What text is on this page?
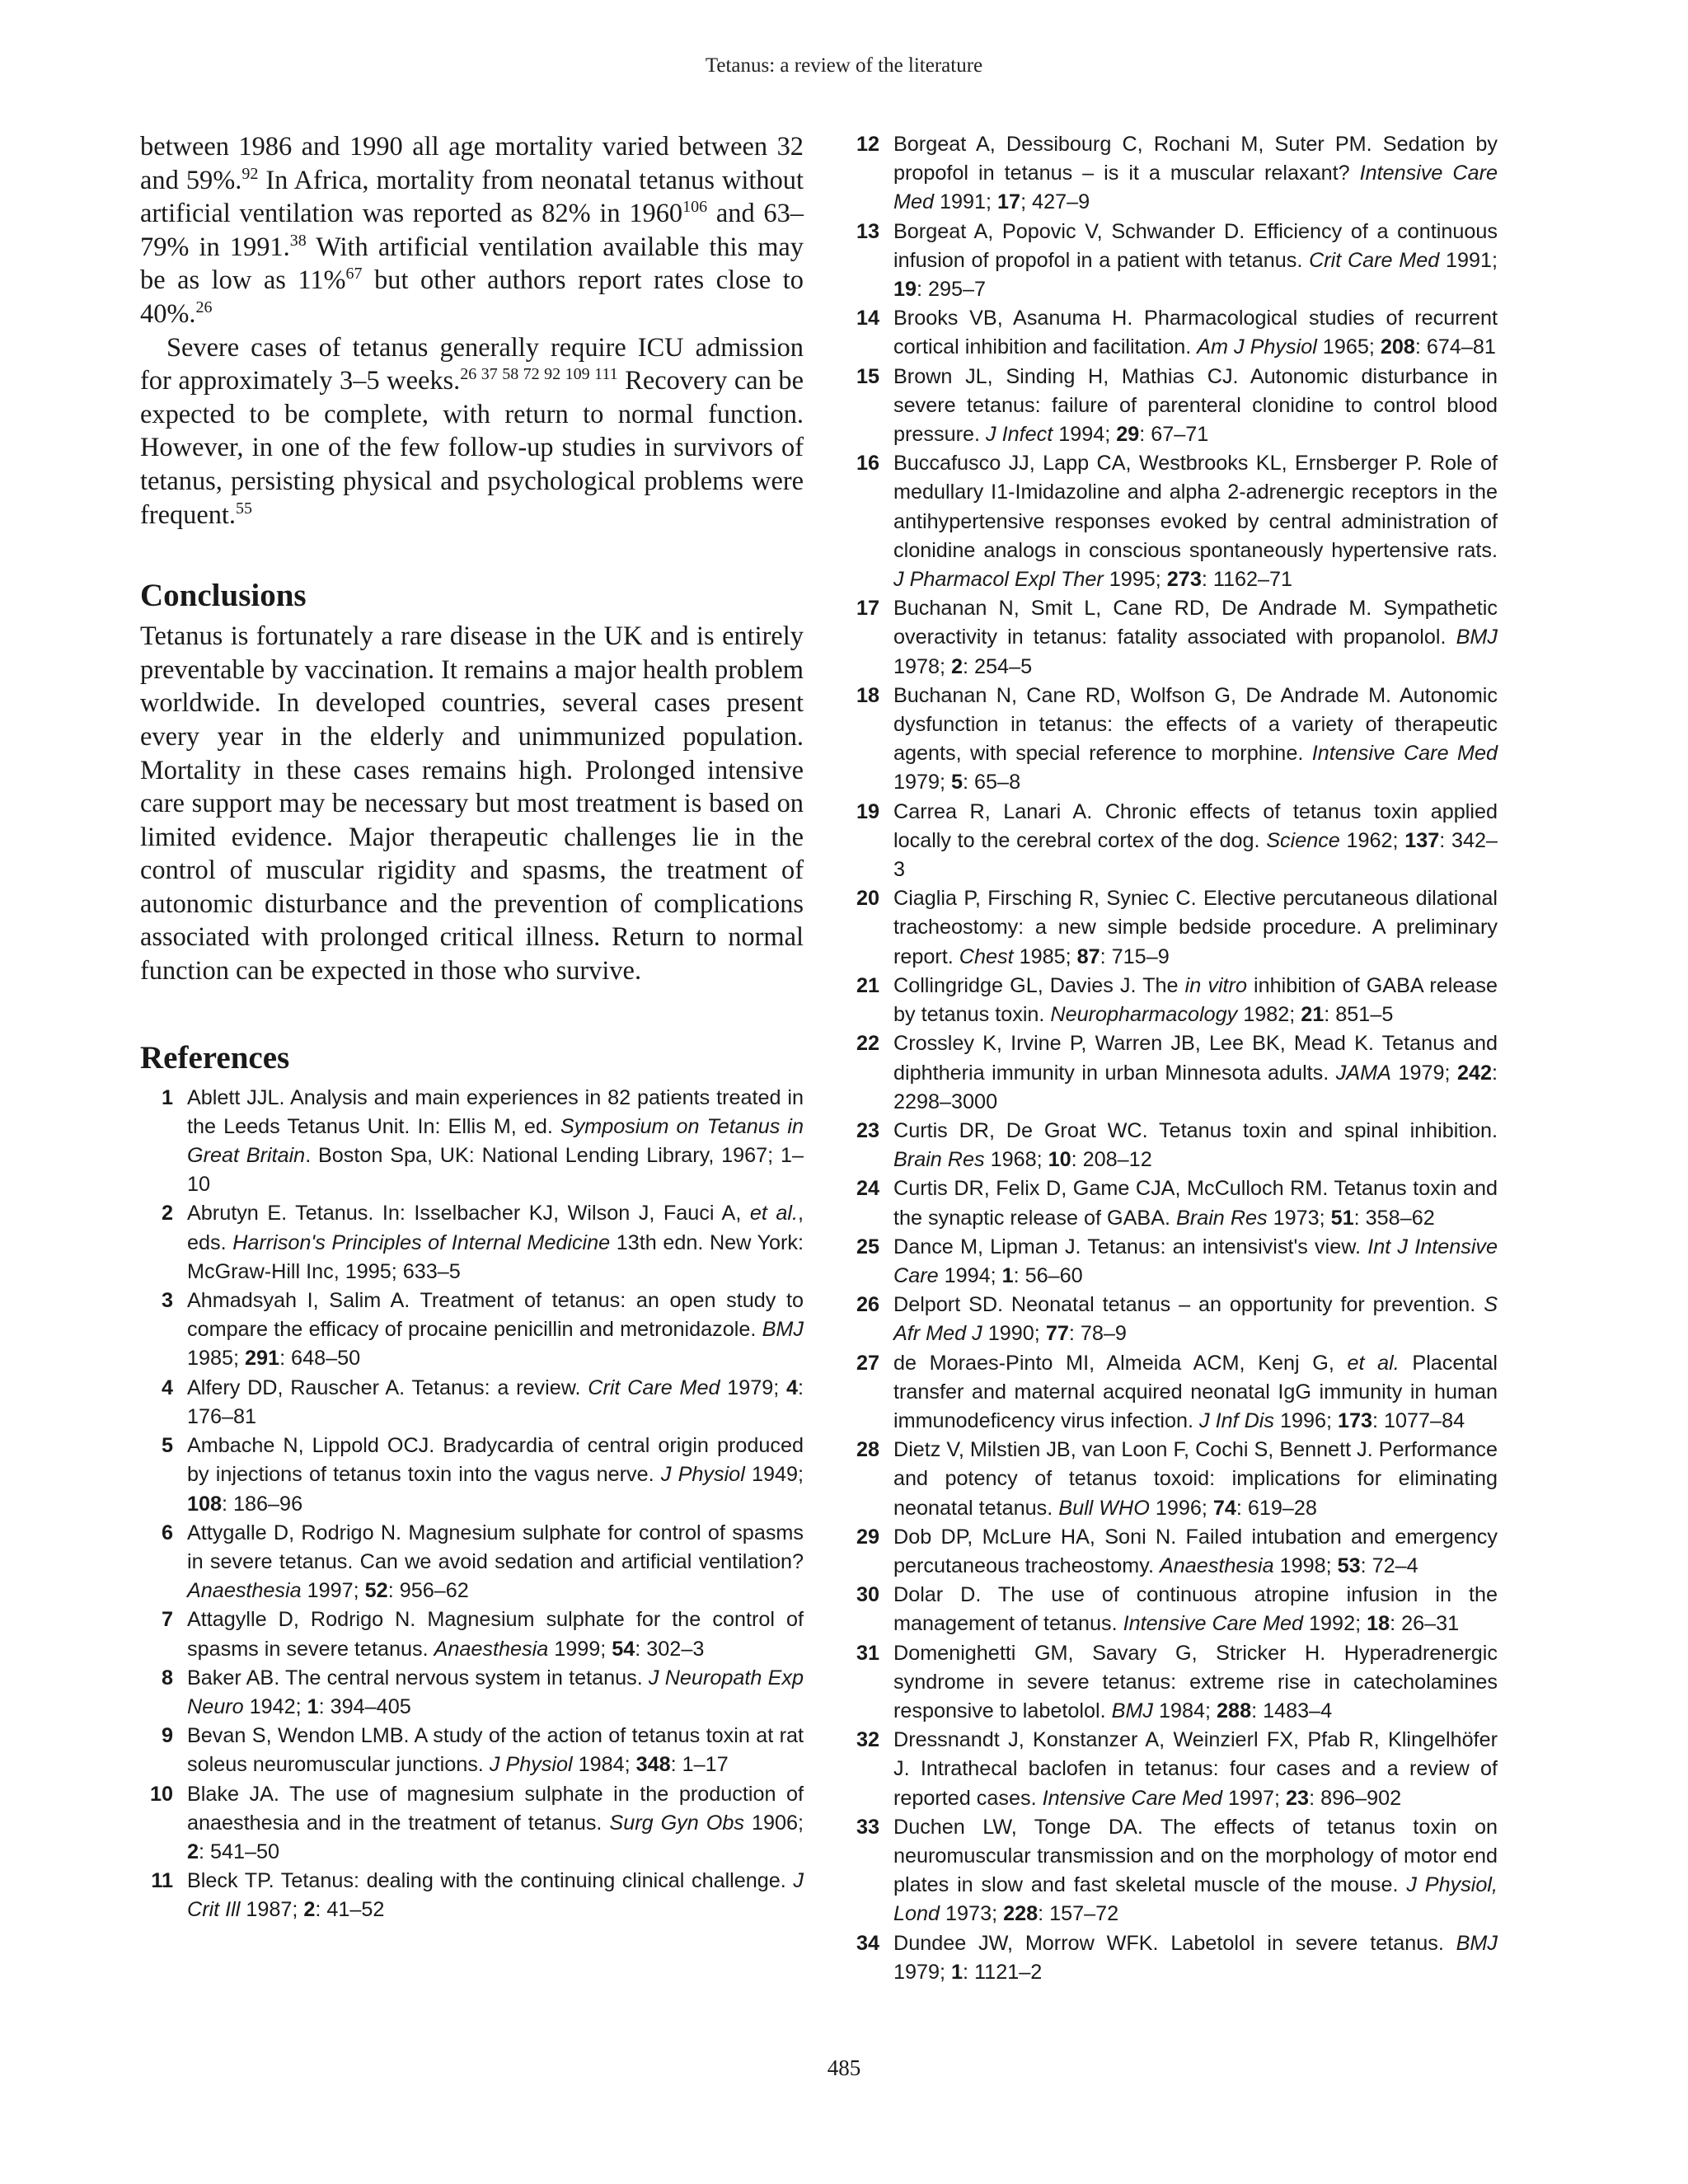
Tetanus: a review of the literature

between 1986 and 1990 all age mortality varied between 32 and 59%.$^{92}$ In Africa, mortality from neonatal tetanus without artificial ventilation was reported as 82% in 1960$^{106}$ and 63–79% in 1991.38 With artificial ventilation available this may be as low as 11%$^{67}$ but other authors report rates close to 40%.$^{26}$

Severe cases of tetanus generally require ICU admission for approximately 3–5 weeks.$^{26 37 58 72 92 109 111}$ Recovery can be expected to be complete, with return to normal function. However, in one of the few follow-up studies in survivors of tetanus, persisting physical and psychological problems were frequent.$^{55}$

Conclusions

Tetanus is fortunately a rare disease in the UK and is entirely preventable by vaccination. It remains a major health problem worldwide. In developed countries, several cases present every year in the elderly and unimmunized population. Mortality in these cases remains high. Prolonged intensive care support may be necessary but most treatment is based on limited evidence. Major therapeutic challenges lie in the control of muscular rigidity and spasms, the treatment of autonomic disturbance and the prevention of complications associated with prolonged critical illness. Return to normal function can be expected in those who survive.

References
1 Ablett JJL. Analysis and main experiences in 82 patients treated in the Leeds Tetanus Unit. In: Ellis M, ed. Symposium on Tetanus in Great Britain. Boston Spa, UK: National Lending Library, 1967; 1–10
2 Abrutyn E. Tetanus. In: Isselbacher KJ, Wilson J, Fauci A, et al., eds. Harrison's Principles of Internal Medicine 13th edn. New York: McGraw-Hill Inc, 1995; 633–5
3 Ahmadsyah I, Salim A. Treatment of tetanus: an open study to compare the efficacy of procaine penicillin and metronidazole. BMJ 1985; 291: 648–50
4 Alfery DD, Rauscher A. Tetanus: a review. Crit Care Med 1979; 4: 176–81
5 Ambache N, Lippold OCJ. Bradycardia of central origin produced by injections of tetanus toxin into the vagus nerve. J Physiol 1949; 108: 186–96
6 Attygalle D, Rodrigo N. Magnesium sulphate for control of spasms in severe tetanus. Can we avoid sedation and artificial ventilation? Anaesthesia 1997; 52: 956–62
7 Attagylle D, Rodrigo N. Magnesium sulphate for the control of spasms in severe tetanus. Anaesthesia 1999; 54: 302–3
8 Baker AB. The central nervous system in tetanus. J Neuropath Exp Neuro 1942; 1: 394–405
9 Bevan S, Wendon LMB. A study of the action of tetanus toxin at rat soleus neuromuscular junctions. J Physiol 1984; 348: 1–17
10 Blake JA. The use of magnesium sulphate in the production of anaesthesia and in the treatment of tetanus. Surg Gyn Obs 1906; 2: 541–50
11 Bleck TP. Tetanus: dealing with the continuing clinical challenge. J Crit Ill 1987; 2: 41–52
12 Borgeat A, Dessibourg C, Rochani M, Suter PM. Sedation by propofol in tetanus – is it a muscular relaxant? Intensive Care Med 1991; 17; 427–9
13 Borgeat A, Popovic V, Schwander D. Efficiency of a continuous infusion of propofol in a patient with tetanus. Crit Care Med 1991; 19: 295–7
14 Brooks VB, Asanuma H. Pharmacological studies of recurrent cortical inhibition and facilitation. Am J Physiol 1965; 208: 674–81
15 Brown JL, Sinding H, Mathias CJ. Autonomic disturbance in severe tetanus: failure of parenteral clonidine to control blood pressure. J Infect 1994; 29: 67–71
16 Buccafusco JJ, Lapp CA, Westbrooks KL, Ernsberger P. Role of medullary I1-Imidazoline and alpha 2-adrenergic receptors in the antihypertensive responses evoked by central administration of clonidine analogs in conscious spontaneously hypertensive rats. J Pharmacol Expl Ther 1995; 273: 1162–71
17 Buchanan N, Smit L, Cane RD, De Andrade M. Sympathetic overactivity in tetanus: fatality associated with propanolol. BMJ 1978; 2: 254–5
18 Buchanan N, Cane RD, Wolfson G, De Andrade M. Autonomic dysfunction in tetanus: the effects of a variety of therapeutic agents, with special reference to morphine. Intensive Care Med 1979; 5: 65–8
19 Carrea R, Lanari A. Chronic effects of tetanus toxin applied locally to the cerebral cortex of the dog. Science 1962; 137: 342–3
20 Ciaglia P, Firsching R, Syniec C. Elective percutaneous dilational tracheostomy: a new simple bedside procedure. A preliminary report. Chest 1985; 87: 715–9
21 Collingridge GL, Davies J. The in vitro inhibition of GABA release by tetanus toxin. Neuropharmacology 1982; 21: 851–5
22 Crossley K, Irvine P, Warren JB, Lee BK, Mead K. Tetanus and diphtheria immunity in urban Minnesota adults. JAMA 1979; 242: 2298–3000
23 Curtis DR, De Groat WC. Tetanus toxin and spinal inhibition. Brain Res 1968; 10: 208–12
24 Curtis DR, Felix D, Game CJA, McCulloch RM. Tetanus toxin and the synaptic release of GABA. Brain Res 1973; 51: 358–62
25 Dance M, Lipman J. Tetanus: an intensivist's view. Int J Intensive Care 1994; 1: 56–60
26 Delport SD. Neonatal tetanus – an opportunity for prevention. S Afr Med J 1990; 77: 78–9
27 de Moraes-Pinto MI, Almeida ACM, Kenj G, et al. Placental transfer and maternal acquired neonatal IgG immunity in human immunodeficency virus infection. J Inf Dis 1996; 173: 1077–84
28 Dietz V, Milstien JB, van Loon F, Cochi S, Bennett J. Performance and potency of tetanus toxoid: implications for eliminating neonatal tetanus. Bull WHO 1996; 74: 619–28
29 Dob DP, McLure HA, Soni N. Failed intubation and emergency percutaneous tracheostomy. Anaesthesia 1998; 53: 72–4
30 Dolar D. The use of continuous atropine infusion in the management of tetanus. Intensive Care Med 1992; 18: 26–31
31 Domenighetti GM, Savary G, Stricker H. Hyperadrenergic syndrome in severe tetanus: extreme rise in catecholamines responsive to labetolol. BMJ 1984; 288: 1483–4
32 Dressnandt J, Konstanzer A, Weinzierl FX, Pfab R, Klingelhöfer J. Intrathecal baclofen in tetanus: four cases and a review of reported cases. Intensive Care Med 1997; 23: 896–902
33 Duchen LW, Tonge DA. The effects of tetanus toxin on neuromuscular transmission and on the morphology of motor end plates in slow and fast skeletal muscle of the mouse. J Physiol, Lond 1973; 228: 157–72
34 Dundee JW, Morrow WFK. Labetolol in severe tetanus. BMJ 1979; 1: 1121–2
485
